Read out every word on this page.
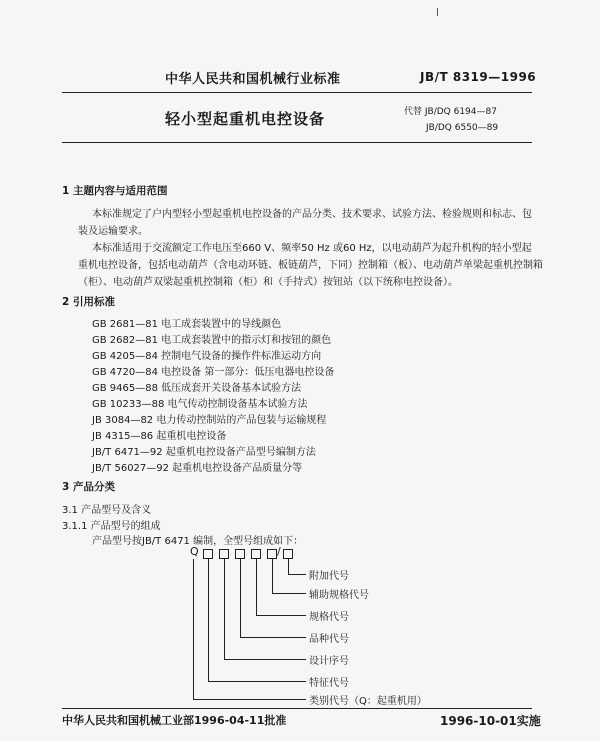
中华人民共和国机械行业标准	JB/T 8319—1996
轻小型起重机电控设备	代替 JB/DQ 6194—87
JB/DQ 6550—89
1 主题内容与适用范围
本标准规定了户内型轻小型起重机电控设备的产品分类、技术要求、试验方法、检验规则和标志、包
装及运输要求。
本标准适用于交流额定工作电压至660 V、频率50 Hz 或60 Hz，以电动葫芦为起升机构的轻小型起
重机电控设备，包括电动葫芦（含电动环链、板链葫芦，下同）控制箱（板）、电动葫芦单梁起重机控制箱
（柜）、电动葫芦双梁起重机控制箱（柜）和（手持式）按钮站（以下统称电控设备）。
2 引用标准
GB 2681—81 电工成套装置中的导线颜色
GB 2682—81 电工成套装置中的指示灯和按钮的颜色
GB 4205—84 控制电气设备的操作件标准运动方向
GB 4720—84 电控设备 第一部分：低压电器电控设备
GB 9465—88 低压成套开关设备基本试验方法
GB 10233—88 电气传动控制设备基本试验方法
JB 3084—82 电力传动控制站的产品包装与运输规程
JB 4315—86 起重机电控设备
JB/T 6471—92 起重机电控设备产品型号编制方法
JB/T 56027—92 起重机电控设备产品质量分等
3 产品分类
3.1 产品型号及含义
3.1.1 产品型号的组成
产品型号按JB/T 6471 编制，全型号组成如下：
Q	/
附加代号
辅助规格代号
规格代号
品种代号
设计序号
特征代号
类别代号（Q：起重机用）
中华人民共和国机械工业部1996-04-11批准	1996-10-01实施
